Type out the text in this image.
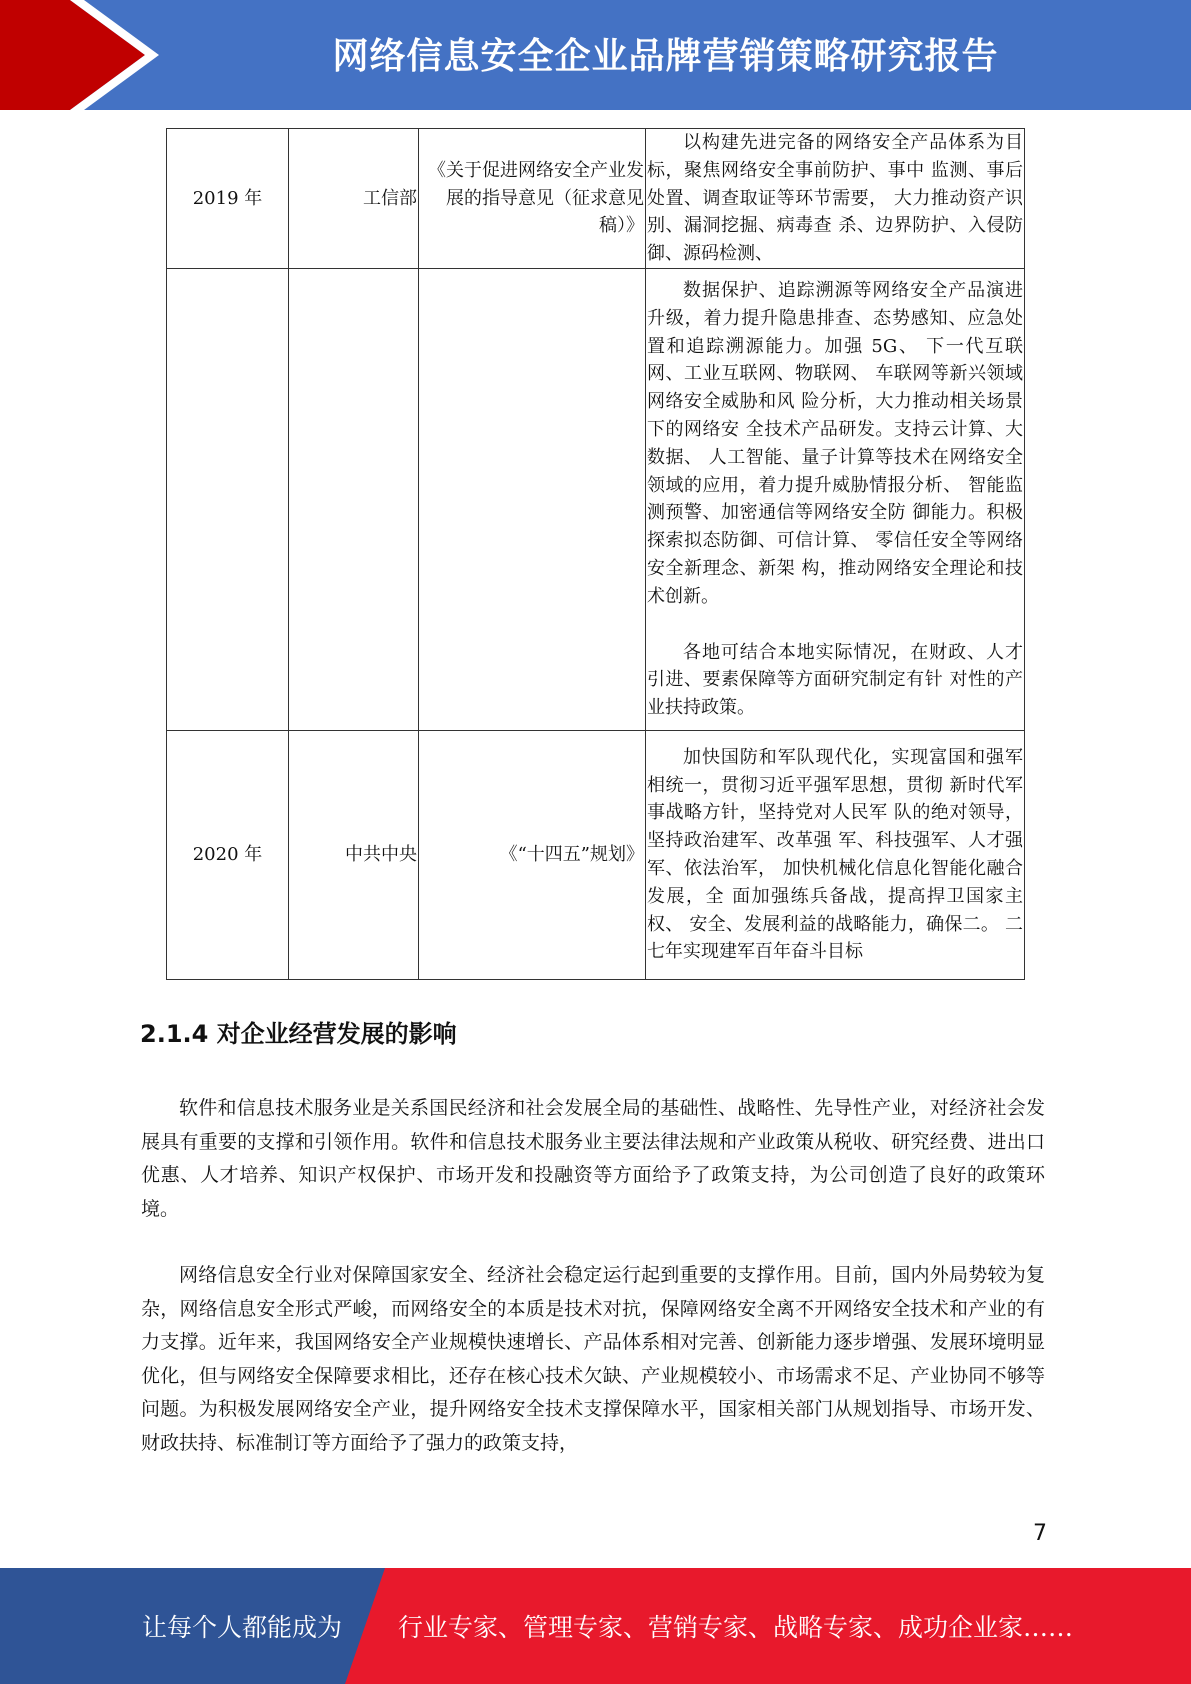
网络信息安全企业品牌营销策略研究报告
2019 年	工信部	《关于促进网络安全产业发展的指导意见（征求意见稿）》	以构建先进完备的网络安全产品体系为目标，聚焦网络安全事前防护、事中 监测、事后处置、调查取证等环节需要， 大力推动资产识别、漏洞挖掘、病毒查 杀、边界防护、入侵防御、源码检测、

			数据保护、追踪溯源等网络安全产品演进升级，着力提升隐患排查、态势感知、应急处置和追踪溯源能力。加强 5G、 下一代互联网、工业互联网、物联网、 车联网等新兴领域网络安全威胁和风 险分析，大力推动相关场景下的网络安 全技术产品研发。支持云计算、大数据、 人工智能、量子计算等技术在网络安全 领域的应用，着力提升威胁情报分析、 智能监测预警、加密通信等网络安全防 御能力。积极探索拟态防御、可信计算、 零信任安全等网络安全新理念、新架 构，推动网络安全理论和技术创新。

各地可结合本地实际情况，在财政、人才引进、要素保障等方面研究制定有针 对性的产业扶持政策。

2020 年	中共中央	《“十四五”规划》	加快国防和军队现代化，实现富国和强军相统一，贯彻习近平强军思想，贯彻 新时代军事战略方针，坚持党对人民军 队的绝对领导，坚持政治建军、改革强 军、科技强军、人才强军、依法治军， 加快机械化信息化智能化融合发展，全 面加强练兵备战，提高捍卫国家主权、 安全、发展利益的战略能力，确保二。 二七年实现建军百年奋斗目标

2.1.4 对企业经营发展的影响

软件和信息技术服务业是关系国民经济和社会发展全局的基础性、战略性、先导性产业，对经济社会发展具有重要的支撑和引领作用。软件和信息技术服务业主要法律法规和产业政策从税收、研究经费、进出口优惠、人才培养、知识产权保护、市场开发和投融资等方面给予了政策支持，为公司创造了良好的政策环境。

网络信息安全行业对保障国家安全、经济社会稳定运行起到重要的支撑作用。目前，国内外局势较为复杂，网络信息安全形式严峻，而网络安全的本质是技术对抗，保障网络安全离不开网络安全技术和产业的有力支撑。近年来，我国网络安全产业规模快速增长、产品体系相对完善、创新能力逐步增强、发展环境明显优化，但与网络安全保障要求相比，还存在核心技术欠缺、产业规模较小、市场需求不足、产业协同不够等问题。为积极发展网络安全产业，提升网络安全技术支撑保障水平，国家相关部门从规划指导、市场开发、财政扶持、标准制订等方面给予了强力的政策支持，

7
让每个人都能成为 行业专家、管理专家、营销专家、战略专家、成功企业家……
